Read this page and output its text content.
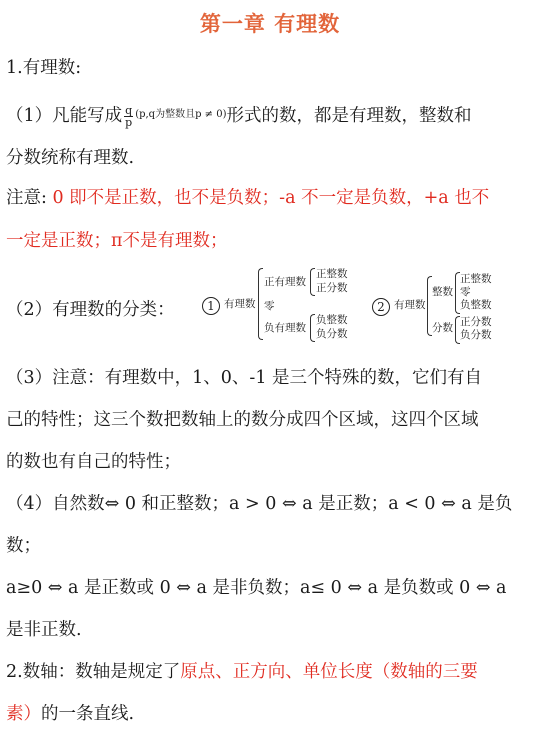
第一章 有理数
1.有理数:
（1）凡能写成 $\frac{q}{p} ^{(p,q为整数且p \ne 0)}$形式的数，都是有理数，整数和
分数统称有理数.
注意: 0 即不是正数，也不是负数；-a 不一定是负数，+a 也不
一定是正数；π不是有理数；
（2）有理数的分类：	1 有理数
正有理数
零
负有理数
正整数
正分数
负整数
负分数
2 有理数
整数
分数
正整数
零
负整数
正分数
负分数
（3）注意：有理数中，1、0、-1 是三个特殊的数，它们有自
己的特性；这三个数把数轴上的数分成四个区域，这四个区域
的数也有自己的特性；
（4）自然数⇔ 0 和正整数；a > 0 ⇔ a 是正数；a < 0 ⇔ a 是负
数；
a≥0 ⇔ a 是正数或 0 ⇔ a 是非负数；a≤ 0 ⇔ a 是负数或 0 ⇔ a
是非正数.
2.数轴：数轴是规定了原点、正方向、单位长度（数轴的三要
素）的一条直线.
